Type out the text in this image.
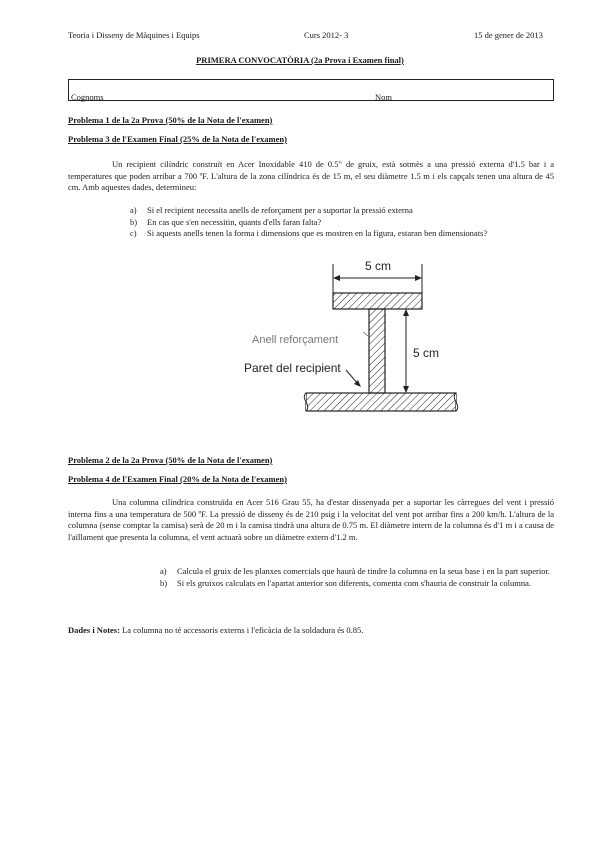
Teoria i Disseny de Màquines i Equips	Curs 2012- 3	15 de gener de 2013
PRIMERA CONVOCATÒRIA (2a Prova i Examen final)
Cognoms	Nom
Problema 1 de la 2a Prova (50% de la Nota de l'examen)
Problema 3 de l'Examen Final (25% de la Nota de l'examen)
Un recipient cilíndric construït en Acer Inoxidable 410 de 0.5" de gruix, està sotmès a una pressió externa d'1.5 bar i a temperatures que poden arribar a 700 ºF. L'altura de la zona cilíndrica és de 15 m, el seu diàmetre 1.5 m i els capçals tenen una altura de 45 cm. Amb aquestes dades, determineu:
a)	Si el recipient necessita anells de reforçament per a suportar la pressió externa
b)	En cas que s'en necessitin, quants d'ells faran falta?
c)	Si aquests anells tenen la forma i dimensions que es mostren en la figura, estaran ben dimensionats?
5 cm
5 cm
Anell reforçament
Paret del recipient
Problema 2 de la 2a Prova (50% de la Nota de l'examen)
Problema 4 de l'Examen Final (20% de la Nota de l'examen)
Una columna cilíndrica construïda en Acer 516 Grau 55, ha d'estar dissenyada per a suportar les càrregues del vent i pressió interna fins a una temperatura de 500 ºF. La pressió de disseny és de 210 psig i la velocitat del vent pot arribar fins a 200 km/h. L'altura de la columna (sense comptar la camisa) serà de 20 m i la camisa tindrà una altura de 0.75 m. El diàmetre intern de la columna és d'1 m i a causa de l'aïllament que presenta la columna, el vent actuarà sobre un diàmetre extern d'1.2 m.
a)	Calcula el gruix de les planxes comercials que haurà de tindre la columna en la seua base i en la part superior.
b)	Si els gruixos calculats en l'apartat anterior son diferents, comenta com s'hauria de construir la columna.
Dades i Notes: La columna no té accessoris externs i l'eficàcia de la soldadura és 0.85.
